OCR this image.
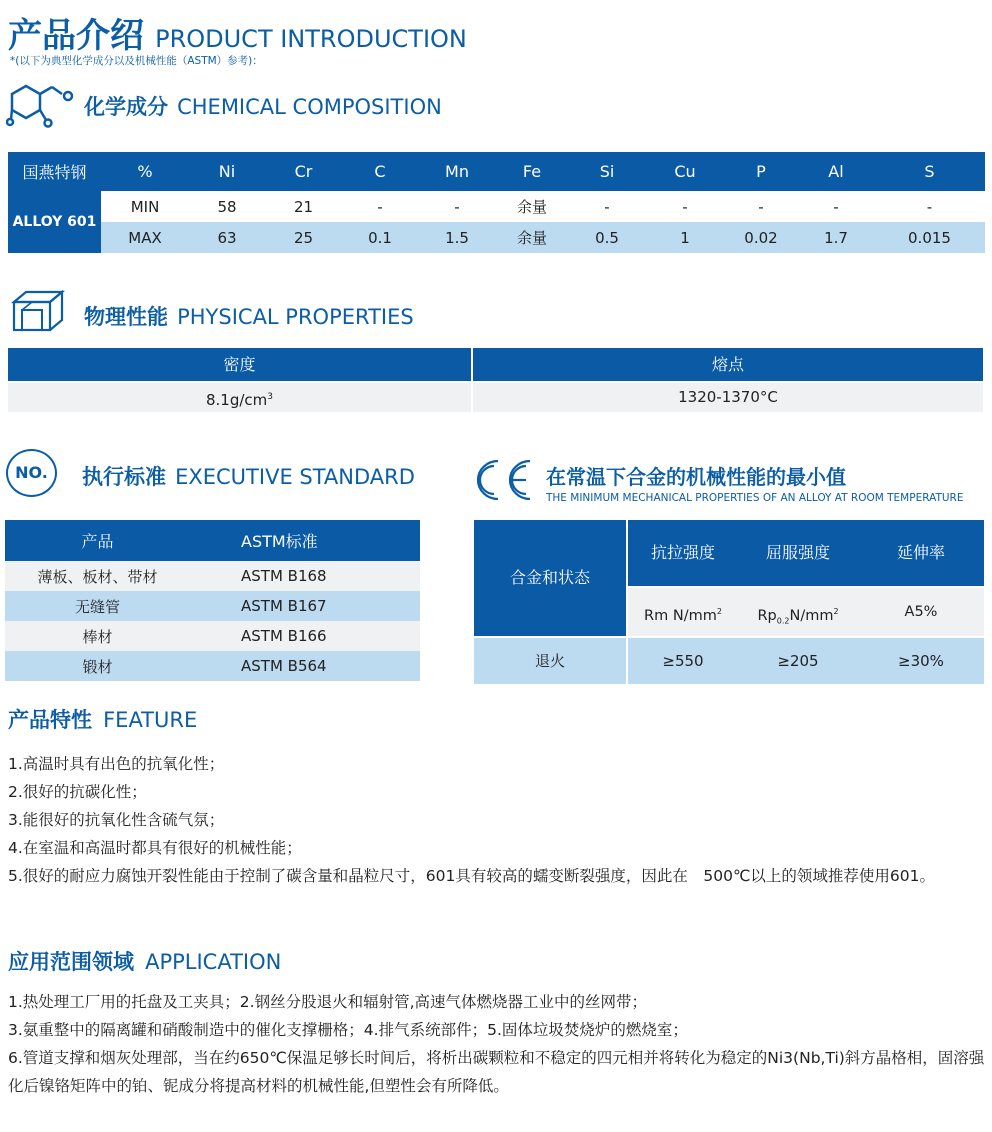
产品介绍 PRODUCT INTRODUCTION
*(以下为典型化学成分以及机械性能（ASTM）参考)：
化学成分 CHEMICAL COMPOSITION
国燕特钢	%	Ni	Cr	C	Mn	Fe	Si	Cu	P	Al	S
ALLOY 601	MIN	58	21	-	-	余量	-	-	-	-	-
	MAX	63	25	0.1	1.5	余量	0.5	1	0.02	1.7	0.015
物理性能 PHYSICAL PROPERTIES
密度	熔点
$8.1g/cm^3$	1320-1370°C
NO.	执行标准 EXECUTIVE STANDARD
产品	ASTM标准
薄板、板材、带材	ASTM B168
无缝管	ASTM B167
棒材	ASTM B166
锻材	ASTM B564
在常温下合金的机械性能的最小值
THE MINIMUM MECHANICAL PROPERTIES OF AN ALLOY AT ROOM TEMPERATURE
合金和状态
抗拉强度	屈服强度	延伸率
Rm $N/mm^2$	$Rp_{0.2}N/mm^2$	A5%
退火	≥550	≥205	≥30%
产品特性 FEATURE
1.高温时具有出色的抗氧化性；
2.很好的抗碳化性；
3.能很好的抗氧化性含硫气氛；
4.在室温和高温时都具有很好的机械性能；
5.很好的耐应力腐蚀开裂性能由于控制了碳含量和晶粒尺寸，601具有较高的蠕变断裂强度，因此在　500℃以上的领域推荐使用601。
应用范围领域 APPLICATION
1.热处理工厂用的托盘及工夹具；2.钢丝分股退火和辐射管,高速气体燃烧器工业中的丝网带；
3.氨重整中的隔离罐和硝酸制造中的催化支撑栅格；4.排气系统部件；5.固体垃圾焚烧炉的燃烧室；
6.管道支撑和烟灰处理部，当在约650℃保温足够长时间后，将析出碳颗粒和不稳定的四元相并将转化为稳定的Ni3(Nb,Ti)斜方晶格相，固溶强化后镍铬矩阵中的铂、铌成分将提高材料的机械性能,但塑性会有所降低。
